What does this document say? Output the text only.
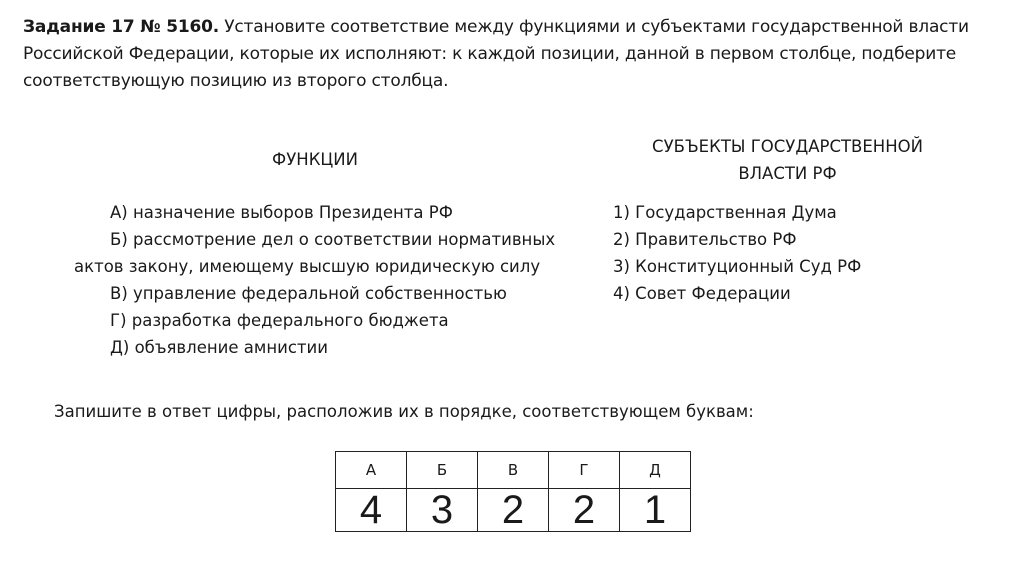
Задание 17 № 5160. Установите соответствие между функциями и субъектами государственной власти Российской Федерации, которые их исполняют: к каждой позиции, данной в первом столбце, подберите соответствующую позицию из второго столбца.
ФУНКЦИИ
СУБЪЕКТЫ ГОСУДАРСТВЕННОЙ
ВЛАСТИ РФ
А) назначение выборов Президента РФ
Б) рассмотрение дел о соответствии нормативных
актов закону, имеющему высшую юридическую силу
В) управление федеральной собственностью
Г) разработка федерального бюджета
Д) объявление амнистии
1) Государственная Дума
2) Правительство РФ
3) Конституционный Суд РФ
4) Совет Федерации
Запишите в ответ цифры, расположив их в порядке, соответствующем буквам:
А	Б	В	Г	Д
4	3	2	2	1
